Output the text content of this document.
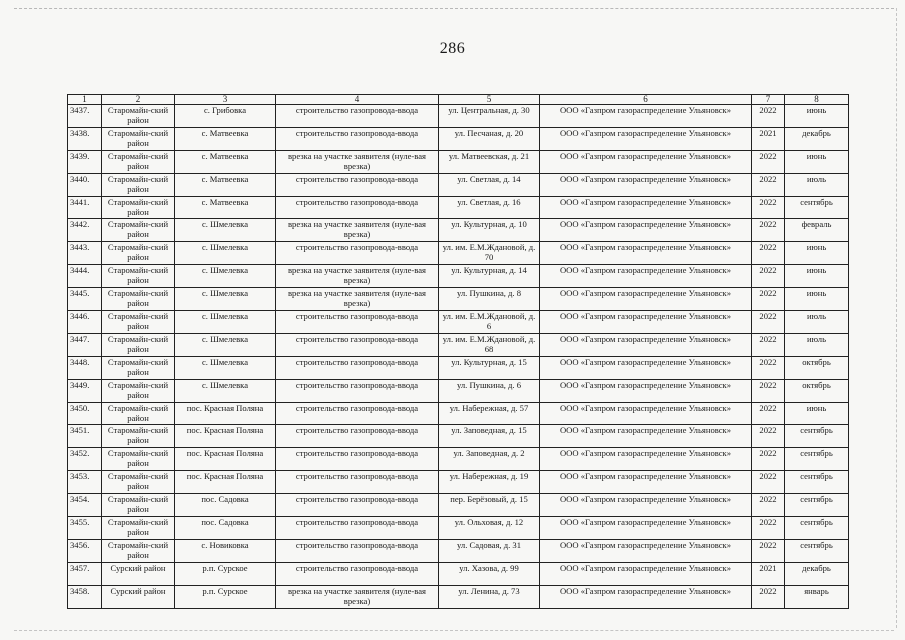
286
1	2	3	4	5	6	7	8
3437.	Старомайн-ский район	с. Грибовка	строительство газопровода-ввода	ул. Центральная, д. 30	ООО «Газпром газораспределение Ульяновск»	2022	июнь
3438.	Старомайн-ский район	с. Матвеевка	строительство газопровода-ввода	ул. Песчаная, д. 20	ООО «Газпром газораспределение Ульяновск»	2021	декабрь
3439.	Старомайн-ский район	с. Матвеевка	врезка на участке заявителя (нуле-вая врезка)	ул. Матвеевская, д. 21	ООО «Газпром газораспределение Ульяновск»	2022	июнь
3440.	Старомайн-ский район	с. Матвеевка	строительство газопровода-ввода	ул. Светлая, д. 14	ООО «Газпром газораспределение Ульяновск»	2022	июль
3441.	Старомайн-ский район	с. Матвеевка	строительство газопровода-ввода	ул. Светлая, д. 16	ООО «Газпром газораспределение Ульяновск»	2022	сентябрь
3442.	Старомайн-ский район	с. Шмелевка	врезка на участке заявителя (нуле-вая врезка)	ул. Культурная, д. 10	ООО «Газпром газораспределение Ульяновск»	2022	февраль
3443.	Старомайн-ский район	с. Шмелевка	строительство газопровода-ввода	ул. им. Е.М.Ждановой, д. 70	ООО «Газпром газораспределение Ульяновск»	2022	июнь
3444.	Старомайн-ский район	с. Шмелевка	врезка на участке заявителя (нуле-вая врезка)	ул. Культурная, д. 14	ООО «Газпром газораспределение Ульяновск»	2022	июнь
3445.	Старомайн-ский район	с. Шмелевка	врезка на участке заявителя (нуле-вая врезка)	ул. Пушкина, д. 8	ООО «Газпром газораспределение Ульяновск»	2022	июнь
3446.	Старомайн-ский район	с. Шмелевка	строительство газопровода-ввода	ул. им. Е.М.Ждановой, д. 6	ООО «Газпром газораспределение Ульяновск»	2022	июль
3447.	Старомайн-ский район	с. Шмелевка	строительство газопровода-ввода	ул. им. Е.М.Ждановой, д. 68	ООО «Газпром газораспределение Ульяновск»	2022	июль
3448.	Старомайн-ский район	с. Шмелевка	строительство газопровода-ввода	ул. Культурная, д. 15	ООО «Газпром газораспределение Ульяновск»	2022	октябрь
3449.	Старомайн-ский район	с. Шмелевка	строительство газопровода-ввода	ул. Пушкина, д. 6	ООО «Газпром газораспределение Ульяновск»	2022	октябрь
3450.	Старомайн-ский район	пос. Красная Поляна	строительство газопровода-ввода	ул. Набережная, д. 57	ООО «Газпром газораспределение Ульяновск»	2022	июнь
3451.	Старомайн-ский район	пос. Красная Поляна	строительство газопровода-ввода	ул. Заповедная, д. 15	ООО «Газпром газораспределение Ульяновск»	2022	сентябрь
3452.	Старомайн-ский район	пос. Красная Поляна	строительство газопровода-ввода	ул. Заповедная, д. 2	ООО «Газпром газораспределение Ульяновск»	2022	сентябрь
3453.	Старомайн-ский район	пос. Красная Поляна	строительство газопровода-ввода	ул. Набережная, д. 19	ООО «Газпром газораспределение Ульяновск»	2022	сентябрь
3454.	Старомайн-ский район	пос. Садовка	строительство газопровода-ввода	пер. Берёзовый, д. 15	ООО «Газпром газораспределение Ульяновск»	2022	сентябрь
3455.	Старомайн-ский район	пос. Садовка	строительство газопровода-ввода	ул. Ольховая, д. 12	ООО «Газпром газораспределение Ульяновск»	2022	сентябрь
3456.	Старомайн-ский район	с. Новиковка	строительство газопровода-ввода	ул. Садовая, д. 31	ООО «Газпром газораспределение Ульяновск»	2022	сентябрь
3457.	Сурский район	р.п. Сурское	строительство газопровода-ввода	ул. Хазова, д. 99	ООО «Газпром газораспределение Ульяновск»	2021	декабрь
3458.	Сурский район	р.п. Сурское	врезка на участке заявителя (нуле-вая врезка)	ул. Ленина, д. 73	ООО «Газпром газораспределение Ульяновск»	2022	январь
